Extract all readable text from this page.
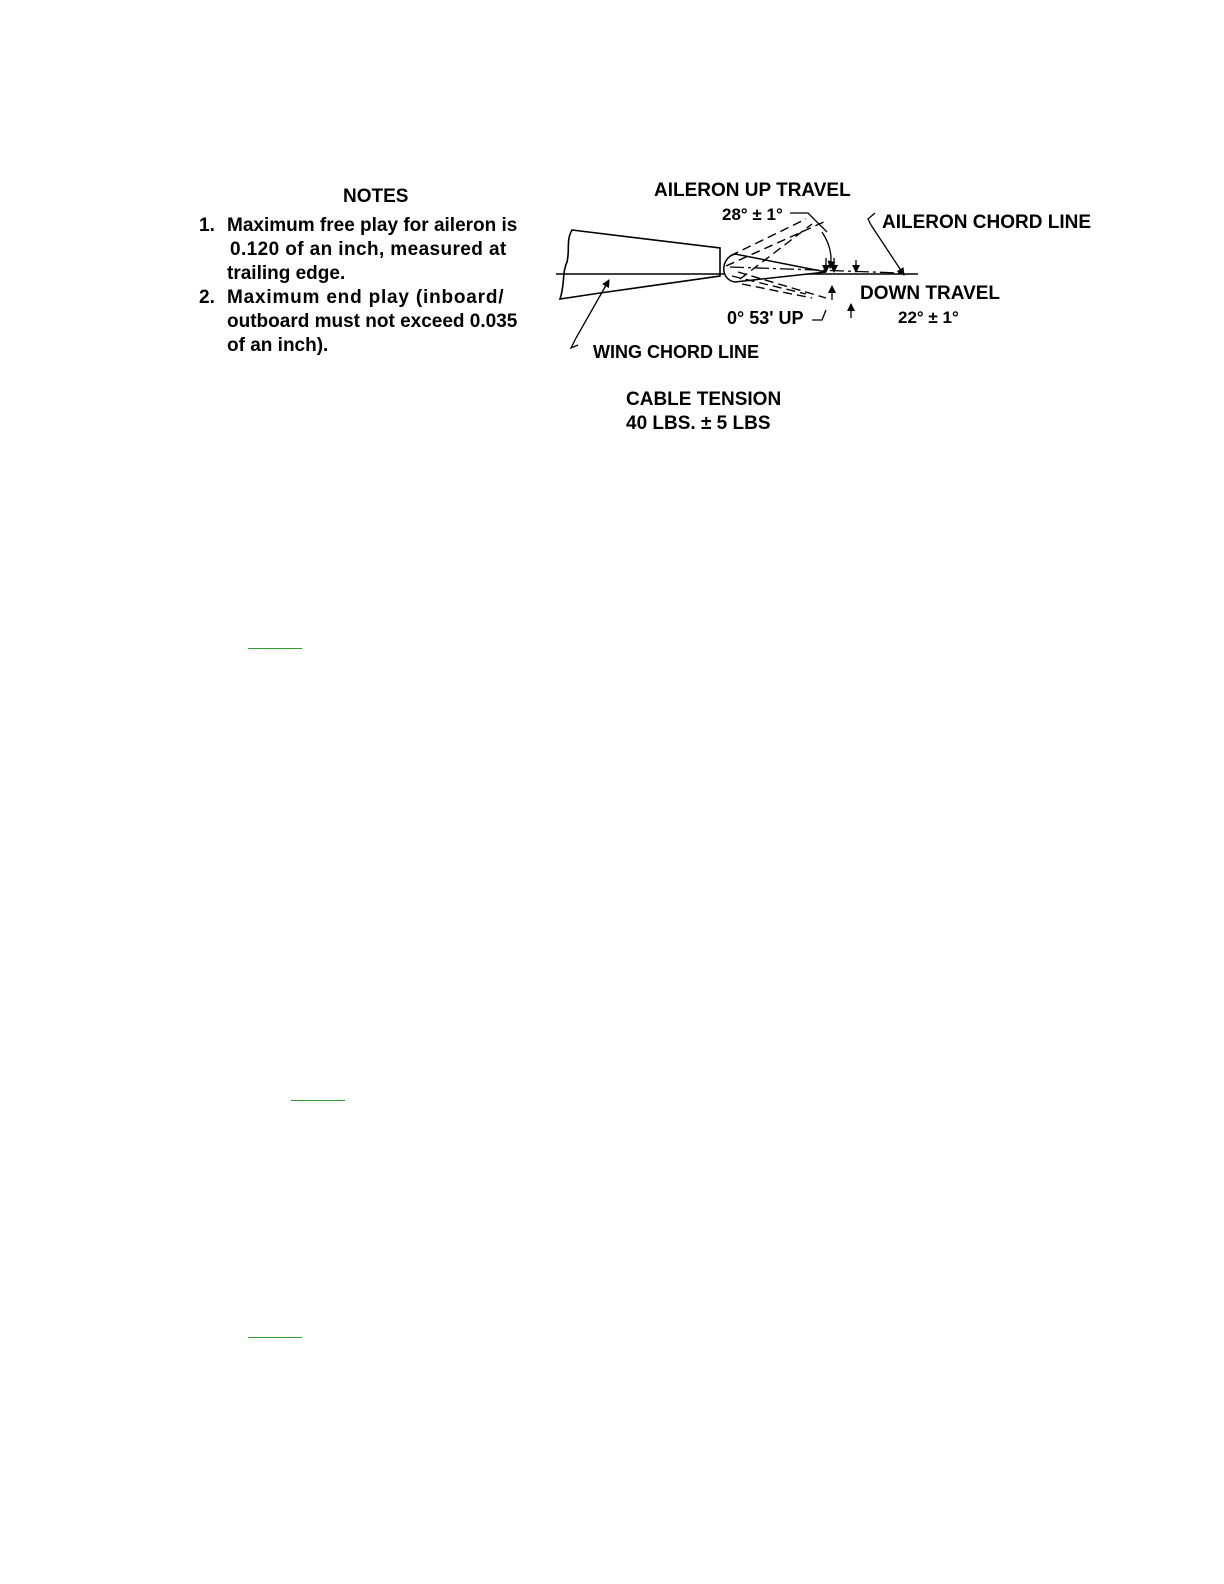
NOTES
1. Maximum free play for aileron is
0.120 of an inch, measured at
trailing edge.
2. Maximum end play (inboard/
outboard must not exceed 0.035
of an inch).
AILERON UP TRAVEL
28° ± 1°	AILERON CHORD LINE
DOWN TRAVEL
22° ± 1°
0° 53' UP
WING CHORD LINE
CABLE TENSION
40 LBS. ± 5 LBS
